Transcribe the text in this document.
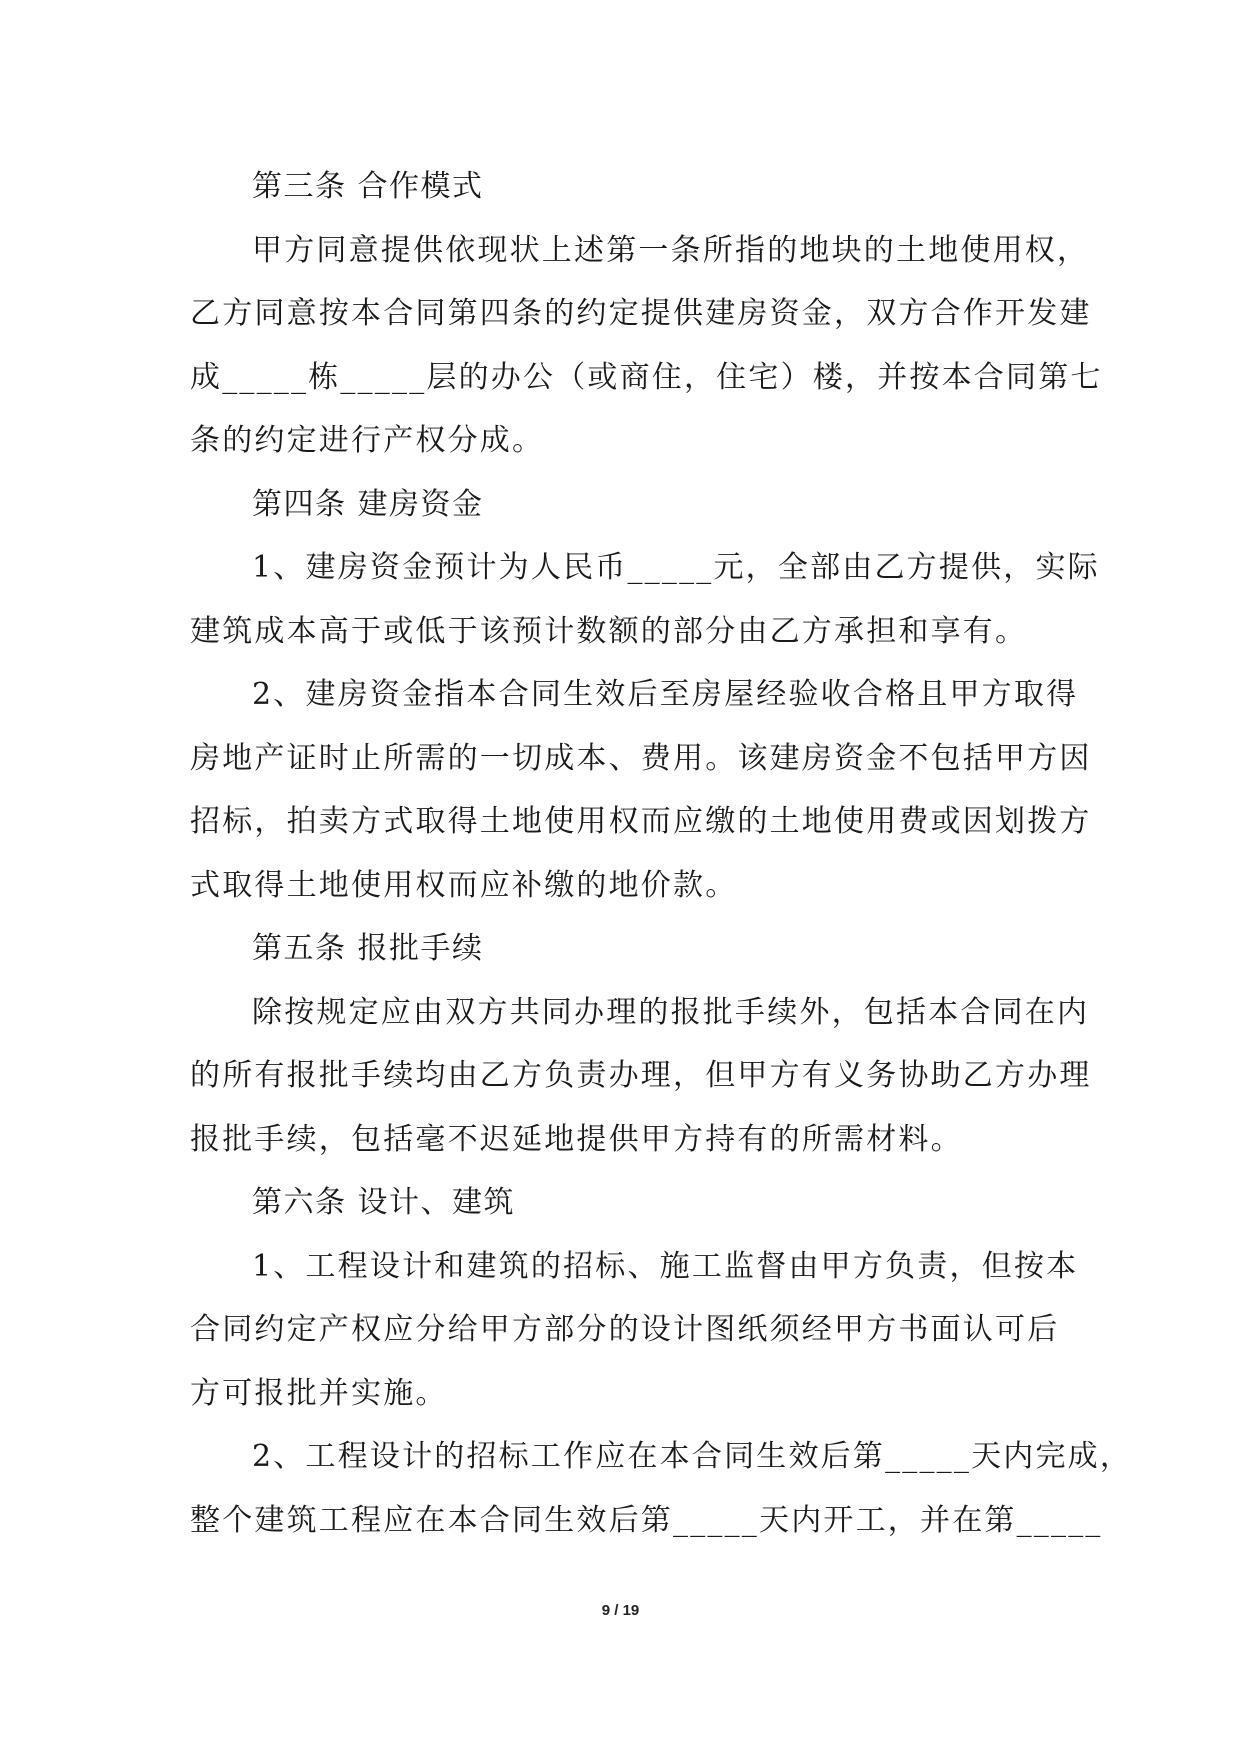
第三条 合作模式
甲方同意提供依现状上述第一条所指的地块的土地使用权，
乙方同意按本合同第四条的约定提供建房资金，双方合作开发建
成_____栋_____层的办公（或商住，住宅）楼，并按本合同第七
条的约定进行产权分成。
第四条 建房资金
1、建房资金预计为人民币_____元，全部由乙方提供，实际
建筑成本高于或低于该预计数额的部分由乙方承担和享有。
2、建房资金指本合同生效后至房屋经验收合格且甲方取得
房地产证时止所需的一切成本、费用。该建房资金不包括甲方因
招标，拍卖方式取得土地使用权而应缴的土地使用费或因划拨方
式取得土地使用权而应补缴的地价款。
第五条 报批手续
除按规定应由双方共同办理的报批手续外，包括本合同在内
的所有报批手续均由乙方负责办理，但甲方有义务协助乙方办理
报批手续，包括毫不迟延地提供甲方持有的所需材料。
第六条 设计、建筑
1、工程设计和建筑的招标、施工监督由甲方负责，但按本
合同约定产权应分给甲方部分的设计图纸须经甲方书面认可后
方可报批并实施。
2、工程设计的招标工作应在本合同生效后第_____天内完成，
整个建筑工程应在本合同生效后第_____天内开工，并在第_____
9 / 19
